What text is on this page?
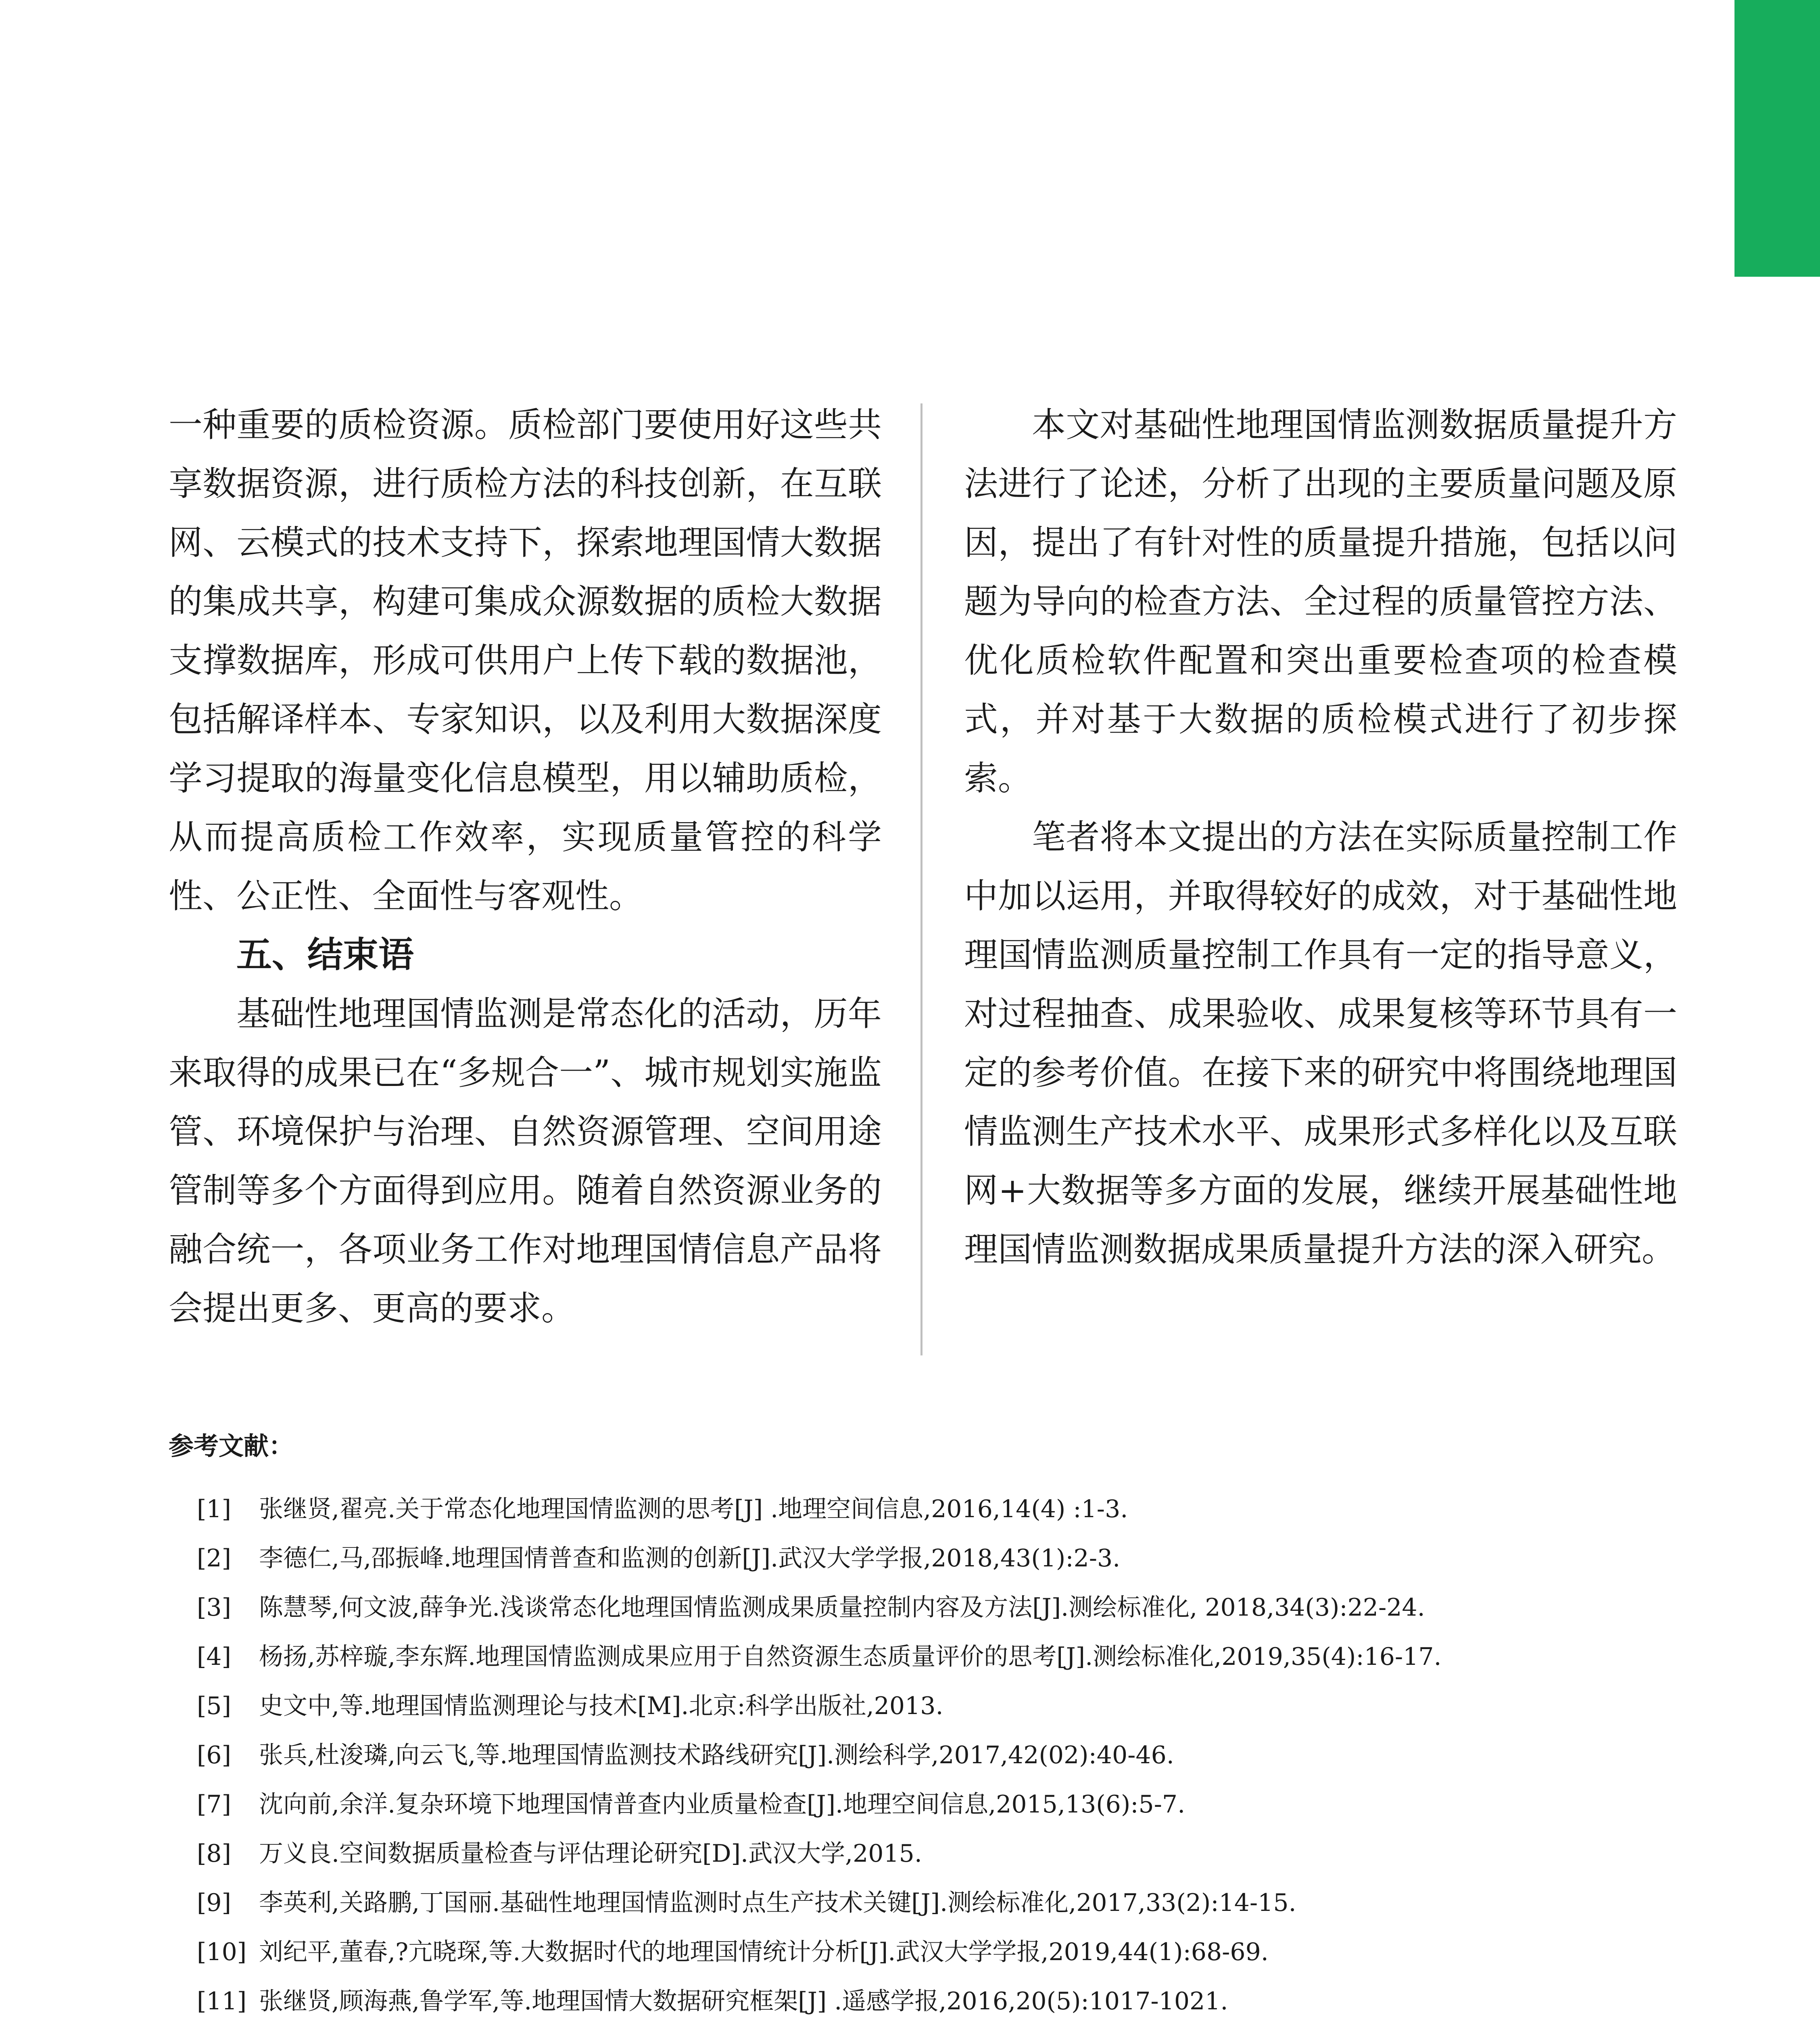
一种重要的质检资源。质检部门要使用好这些共享数据资源，进行质检方法的科技创新，在互联网、云模式的技术支持下，探索地理国情大数据的集成共享，构建可集成众源数据的质检大数据支撑数据库，形成可供用户上传下载的数据池，包括解译样本、专家知识，以及利用大数据深度学习提取的海量变化信息模型，用以辅助质检，从而提高质检工作效率，实现质量管控的科学性、公正性、全面性与客观性。

五、结束语

基础性地理国情监测是常态化的活动，历年来取得的成果已在“多规合一”、城市规划实施监管、环境保护与治理、自然资源管理、空间用途管制等多个方面得到应用。随着自然资源业务的融合统一，各项业务工作对地理国情信息产品将会提出更多、更高的要求。

本文对基础性地理国情监测数据质量提升方法进行了论述，分析了出现的主要质量问题及原因，提出了有针对性的质量提升措施，包括以问题为导向的检查方法、全过程的质量管控方法、优化质检软件配置和突出重要检查项的检查模式，并对基于大数据的质检模式进行了初步探索。

笔者将本文提出的方法在实际质量控制工作中加以运用，并取得较好的成效，对于基础性地理国情监测质量控制工作具有一定的指导意义，对过程抽查、成果验收、成果复核等环节具有一定的参考价值。在接下来的研究中将围绕地理国情监测生产技术水平、成果形式多样化以及互联网+大数据等多方面的发展，继续开展基础性地理国情监测数据成果质量提升方法的深入研究。

参考文献：
[1]	张继贤,翟亮.关于常态化地理国情监测的思考[J] .地理空间信息,2016,14(4) :1-3.
[2]	李德仁,马,邵振峰.地理国情普查和监测的创新[J].武汉大学学报,2018,43(1):2-3.
[3]	陈慧琴,何文波,薛争光.浅谈常态化地理国情监测成果质量控制内容及方法[J].测绘标准化, 2018,34(3):22-24.
[4]	杨扬,苏梓璇,李东辉.地理国情监测成果应用于自然资源生态质量评价的思考[J].测绘标准化,2019,35(4):16-17.
[5]	史文中,等.地理国情监测理论与技术[M].北京:科学出版社,2013.
[6]	张兵,杜浚璘,向云飞,等.地理国情监测技术路线研究[J].测绘科学,2017,42(02):40-46.
[7]	沈向前,余洋.复杂环境下地理国情普查内业质量检查[J].地理空间信息,2015,13(6):5-7.
[8]	万义良.空间数据质量检查与评估理论研究[D].武汉大学,2015.
[9]	李英利,关路鹏,丁国丽.基础性地理国情监测时点生产技术关键[J].测绘标准化,2017,33(2):14-15.
[10] 刘纪平,董春,?亢晓琛,等.大数据时代的地理国情统计分析[J].武汉大学学报,2019,44(1):68-69.
[11] 张继贤,顾海燕,鲁学军,等.地理国情大数据研究框架[J] .遥感学报,2016,20(5):1017-1021.
